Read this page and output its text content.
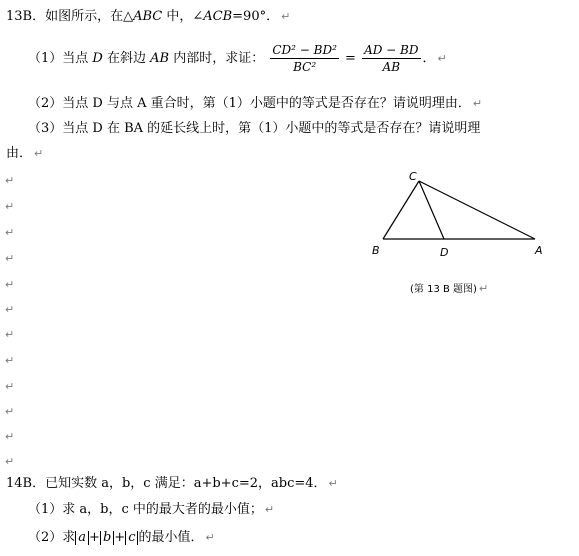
13B．如图所示，在△ABC 中，∠ACB=90°． ↵
（1）当点 D 在斜边 AB 内部时，求证： $\frac{\text{CD² − BD²}}{\text{BC²}} = \frac{AD - BD}{AB}$ ． ↵
（2）当点 D 与点 A 重合时，第（1）小题中的等式是否存在？请说明理由． ↵
（3）当点 D 在 BA 的延长线上时，第（1）小题中的等式是否存在？请说明理
由． ↵
↵
↵
↵
↵
↵
↵
↵
↵
↵
↵
↵
↵
C
B	D	A
(第 13 B 题图) ↵
14B．已知实数 a，b，c 满足：a+b+c=2，abc=4． ↵
（1）求 a，b，c 中的最大者的最小值； ↵
（2）求 a + b + c 的最小值． ↵
